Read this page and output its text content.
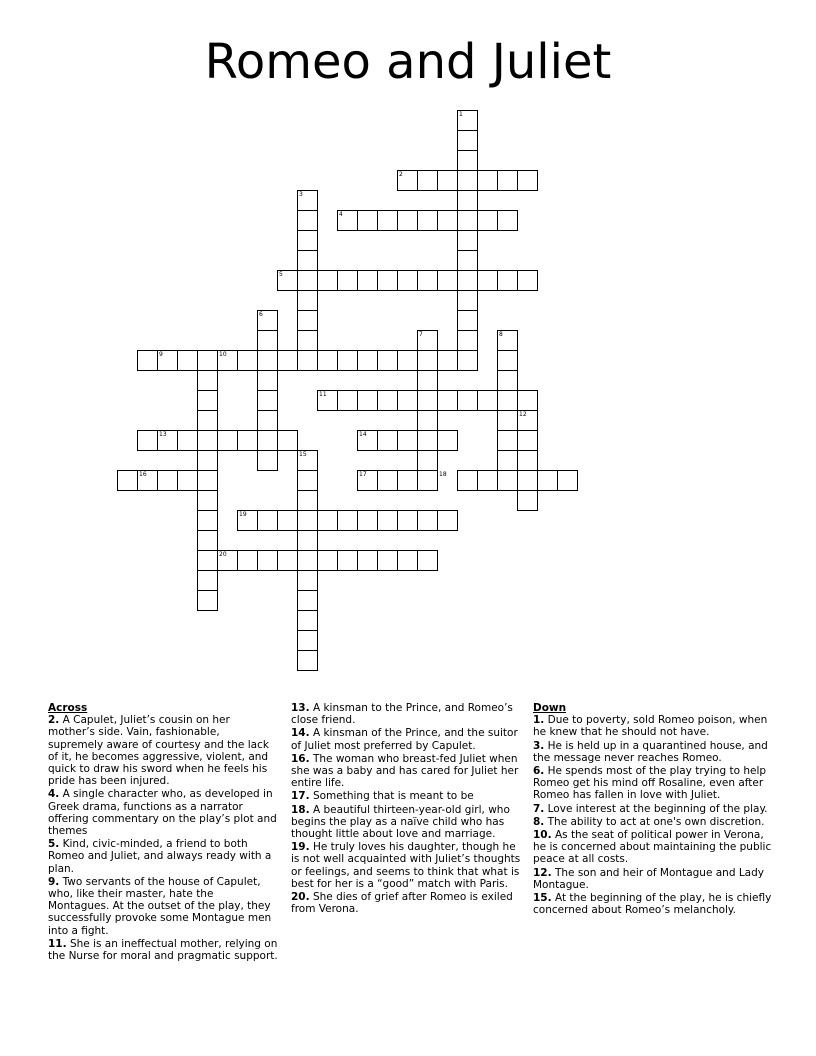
Romeo and Juliet
1
2
3
4
5
6
7	8
9	10
11
12
13	14
15
16	17	18
19
20
Across
2. A Capulet, Juliet’s cousin on her mother’s side. Vain, fashionable, supremely aware of courtesy and the lack of it, he becomes aggressive, violent, and quick to draw his sword when he feels his pride has been injured.
4. A single character who, as developed in Greek drama, functions as a narrator offering commentary on the play’s plot and themes
5. Kind, civic-minded, a friend to both Romeo and Juliet, and always ready with a plan.
9. Two servants of the house of Capulet, who, like their master, hate the Montagues. At the outset of the play, they successfully provoke some Montague men into a fight.
11. She is an ineffectual mother, relying on the Nurse for moral and pragmatic support.
13. A kinsman to the Prince, and Romeo’s close friend.
14. A kinsman of the Prince, and the suitor of Juliet most preferred by Capulet.
16. The woman who breast-fed Juliet when she was a baby and has cared for Juliet her entire life.
17. Something that is meant to be
18. A beautiful thirteen-year-old girl, who begins the play as a naïve child who has thought little about love and marriage.
19. He truly loves his daughter, though he is not well acquainted with Juliet’s thoughts or feelings, and seems to think that what is best for her is a “good” match with Paris.
20. She dies of grief after Romeo is exiled from Verona.
Down
1. Due to poverty, sold Romeo poison, when he knew that he should not have.
3. He is held up in a quarantined house, and the message never reaches Romeo.
6. He spends most of the play trying to help Romeo get his mind off Rosaline, even after Romeo has fallen in love with Juliet.
7. Love interest at the beginning of the play.
8. The ability to act at one's own discretion.
10. As the seat of political power in Verona, he is concerned about maintaining the public peace at all costs.
12. The son and heir of Montague and Lady Montague.
15. At the beginning of the play, he is chiefly concerned about Romeo’s melancholy.
